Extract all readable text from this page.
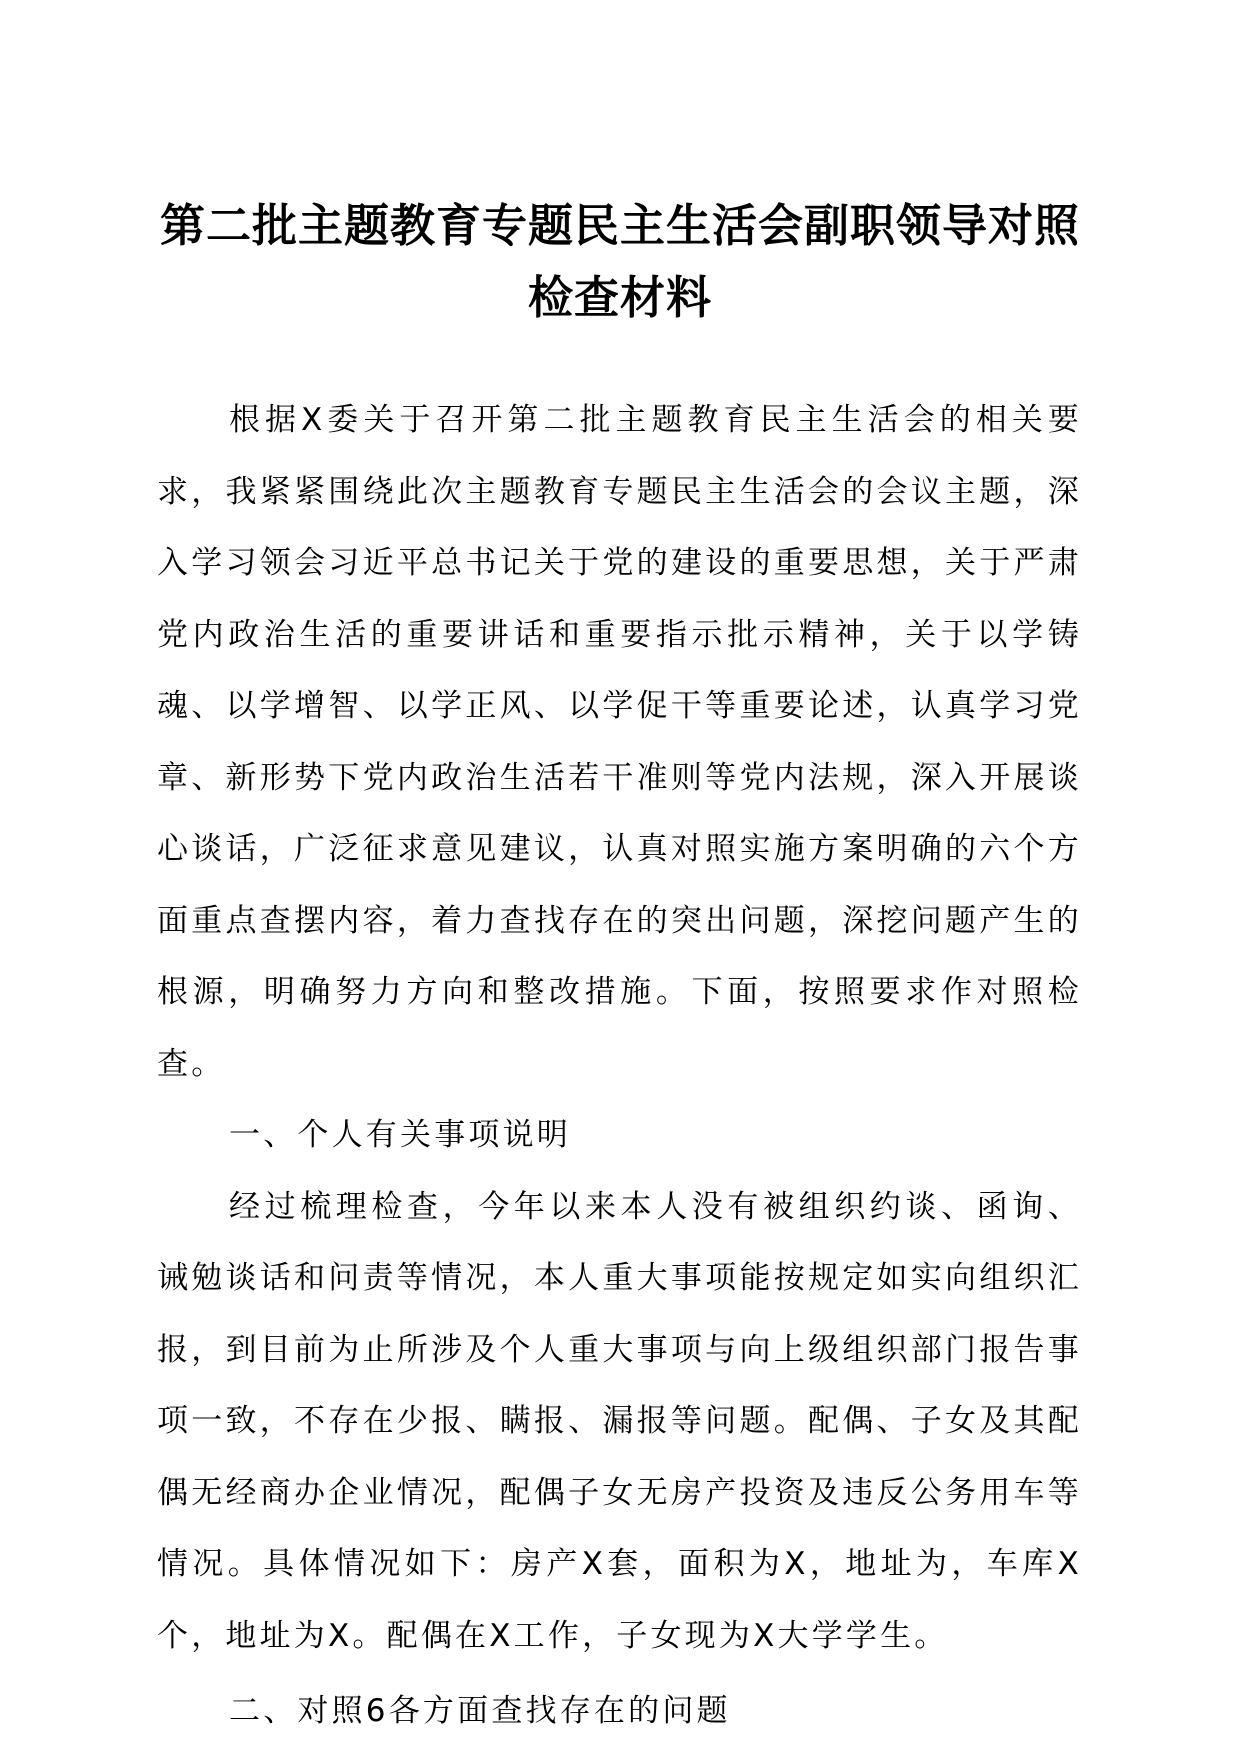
第二批主题教育专题民主生活会副职领导对照
检查材料

根据X委关于召开第二批主题教育民主生活会的相关要求，我紧紧围绕此次主题教育专题民主生活会的会议主题，深入学习领会习近平总书记关于党的建设的重要思想，关于严肃党内政治生活的重要讲话和重要指示批示精神，关于以学铸魂、以学增智、以学正风、以学促干等重要论述，认真学习党章、新形势下党内政治生活若干准则等党内法规，深入开展谈心谈话，广泛征求意见建议，认真对照实施方案明确的六个方面重点查摆内容，着力查找存在的突出问题，深挖问题产生的根源，明确努力方向和整改措施。下面，按照要求作对照检查。

一、个人有关事项说明

经过梳理检查，今年以来本人没有被组织约谈、函询、诫勉谈话和问责等情况，本人重大事项能按规定如实向组织汇报，到目前为止所涉及个人重大事项与向上级组织部门报告事项一致，不存在少报、瞒报、漏报等问题。配偶、子女及其配偶无经商办企业情况，配偶子女无房产投资及违反公务用车等情况。具体情况如下：房产X套，面积为X，地址为，车库X个，地址为X。配偶在X工作，子女现为X大学学生。

二、对照6各方面查找存在的问题
